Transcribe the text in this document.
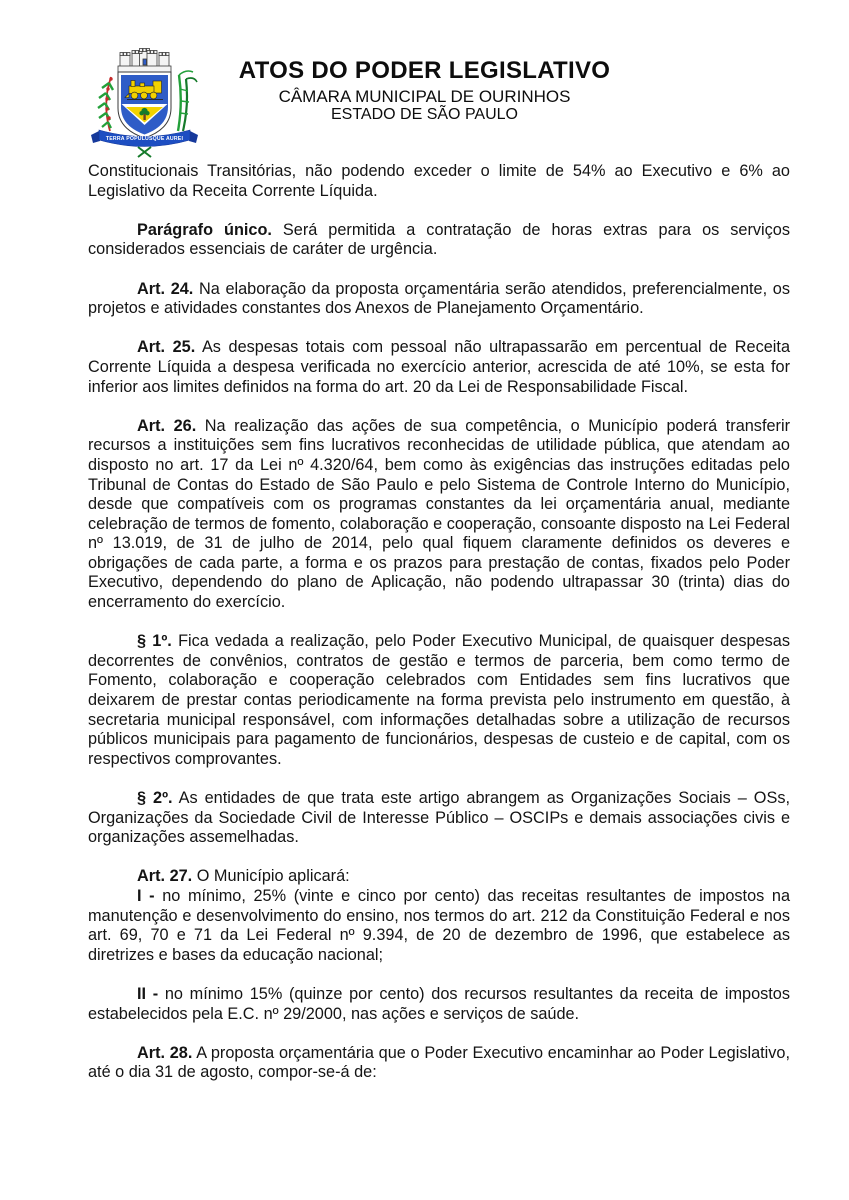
TERRA POPULUSQUE AUREI
ATOS DO PODER LEGISLATIVO
CÂMARA MUNICIPAL DE OURINHOS
ESTADO DE SÃO PAULO

Constitucionais Transitórias, não podendo exceder o limite de 54% ao Executivo e 6% ao Legislativo da Receita Corrente Líquida.

Parágrafo único. Será permitida a contratação de horas extras para os serviços considerados essenciais de caráter de urgência.

Art. 24. Na elaboração da proposta orçamentária serão atendidos, preferencialmente, os projetos e atividades constantes dos Anexos de Planejamento Orçamentário.

Art. 25. As despesas totais com pessoal não ultrapassarão em percentual de Receita Corrente Líquida a despesa verificada no exercício anterior, acrescida de até 10%, se esta for inferior aos limites definidos na forma do art. 20 da Lei de Responsabilidade Fiscal.

Art. 26. Na realização das ações de sua competência, o Município poderá transferir recursos a instituições sem fins lucrativos reconhecidas de utilidade pública, que atendam ao disposto no art. 17 da Lei nº 4.320/64, bem como às exigências das instruções editadas pelo Tribunal de Contas do Estado de São Paulo e pelo Sistema de Controle Interno do Município, desde que compatíveis com os programas constantes da lei orçamentária anual, mediante celebração de termos de fomento, colaboração e cooperação, consoante disposto na Lei Federal nº 13.019, de 31 de julho de 2014, pelo qual fiquem claramente definidos os deveres e obrigações de cada parte, a forma e os prazos para prestação de contas, fixados pelo Poder Executivo, dependendo do plano de Aplicação, não podendo ultrapassar 30 (trinta) dias do encerramento do exercício.

§ 1º. Fica vedada a realização, pelo Poder Executivo Municipal, de quaisquer despesas decorrentes de convênios, contratos de gestão e termos de parceria, bem como termo de Fomento, colaboração e cooperação celebrados com Entidades sem fins lucrativos que deixarem de prestar contas periodicamente na forma prevista pelo instrumento em questão, à secretaria municipal responsável, com informações detalhadas sobre a utilização de recursos públicos municipais para pagamento de funcionários, despesas de custeio e de capital, com os respectivos comprovantes.

§ 2º. As entidades de que trata este artigo abrangem as Organizações Sociais – OSs, Organizações da Sociedade Civil de Interesse Público – OSCIPs e demais associações civis e organizações assemelhadas.

Art. 27. O Município aplicará:

I - no mínimo, 25% (vinte e cinco por cento) das receitas resultantes de impostos na manutenção e desenvolvimento do ensino, nos termos do art. 212 da Constituição Federal e nos art. 69, 70 e 71 da Lei Federal nº 9.394, de 20 de dezembro de 1996, que estabelece as diretrizes e bases da educação nacional;

II - no mínimo 15% (quinze por cento) dos recursos resultantes da receita de impostos estabelecidos pela E.C. nº 29/2000, nas ações e serviços de saúde.

Art. 28. A proposta orçamentária que o Poder Executivo encaminhar ao Poder Legislativo, até o dia 31 de agosto, compor-se-á de:
